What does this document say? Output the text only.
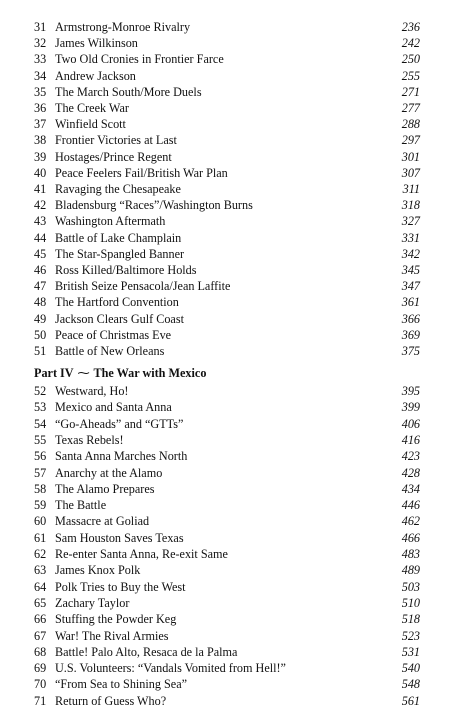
31 Armstrong-Monroe Rivalry	236
32 James Wilkinson	242
33 Two Old Cronies in Frontier Farce	250
34 Andrew Jackson	255
35 The March South/More Duels	271
36 The Creek War	277
37 Winfield Scott	288
38 Frontier Victories at Last	297
39 Hostages/Prince Regent	301
40 Peace Feelers Fail/British War Plan	307
41 Ravaging the Chesapeake	311
42 Bladensburg “Races”/Washington Burns	318
43 Washington Aftermath	327
44 Battle of Lake Champlain	331
45 The Star-Spangled Banner	342
46 Ross Killed/Baltimore Holds	345
47 British Seize Pensacola/Jean Laffite	347
48 The Hartford Convention	361
49 Jackson Clears Gulf Coast	366
50 Peace of Christmas Eve	369
51 Battle of New Orleans	375
Part IV ⁓ The War with Mexico
52 Westward, Ho!	395
53 Mexico and Santa Anna	399
54 “Go-Aheads” and “GTTs”	406
55 Texas Rebels!	416
56 Santa Anna Marches North	423
57 Anarchy at the Alamo	428
58 The Alamo Prepares	434
59 The Battle	446
60 Massacre at Goliad	462
61 Sam Houston Saves Texas	466
62 Re-enter Santa Anna, Re-exit Same	483
63 James Knox Polk	489
64 Polk Tries to Buy the West	503
65 Zachary Taylor	510
66 Stuffing the Powder Keg	518
67 War! The Rival Armies	523
68 Battle! Palo Alto, Resaca de la Palma	531
69 U.S. Volunteers: “Vandals Vomited from Hell!”	540
70 “From Sea to Shining Sea”	548
71 Return of Guess Who?	561
